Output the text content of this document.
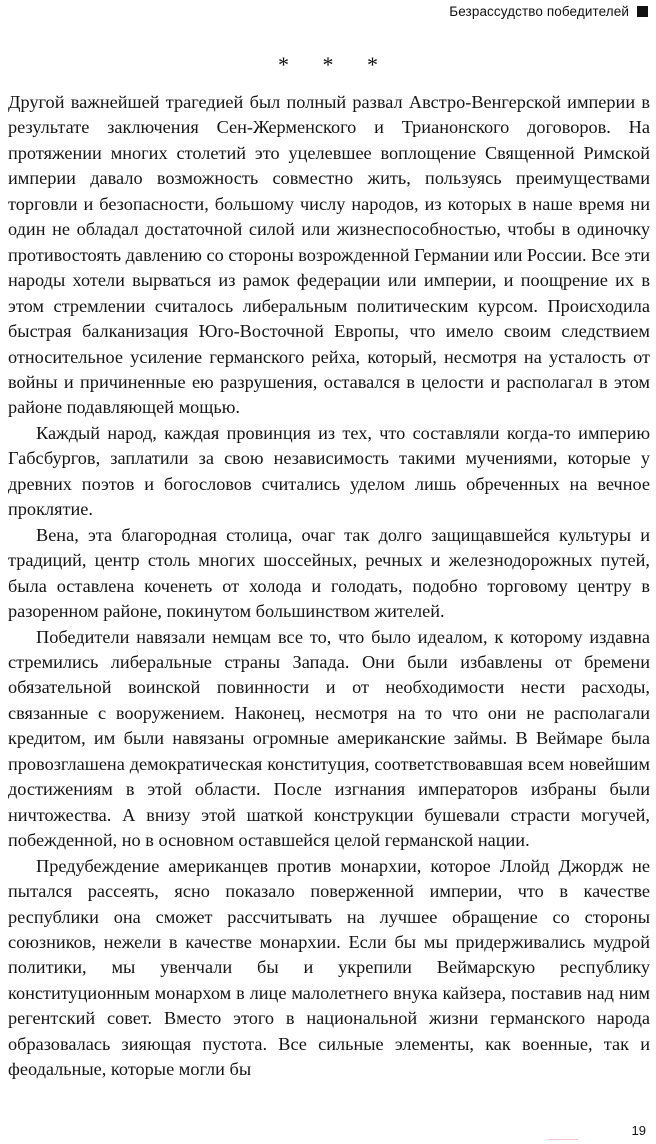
Безрассудство победителей
* * *

Другой важнейшей трагедией был полный развал Австро-Венгерской империи в результате заключения Сен-Жерменского и Трианонского договоров. На протяжении многих столетий это уцелевшее воплощение Священной Римской империи давало возможность совместно жить, пользуясь преимуществами торговли и безопасности, большому числу народов, из которых в наше время ни один не обладал достаточной силой или жизнеспособностью, чтобы в одиночку противостоять давлению со стороны возрожденной Германии или России. Все эти народы хотели вырваться из рамок федерации или империи, и поощрение их в этом стремлении считалось либеральным политическим курсом. Происходила быстрая балканизация Юго-Восточной Европы, что имело своим следствием относительное усиление германского рейха, который, несмотря на усталость от войны и причиненные ею разрушения, оставался в целости и располагал в этом районе подавляющей мощью.

Каждый народ, каждая провинция из тех, что составляли когда-то империю Габсбургов, заплатили за свою независимость такими мучениями, которые у древних поэтов и богословов считались уделом лишь обреченных на вечное проклятие.

Вена, эта благородная столица, очаг так долго защищавшейся культуры и традиций, центр столь многих шоссейных, речных и железнодорожных путей, была оставлена коченеть от холода и голодать, подобно торговому центру в разоренном районе, покинутом большинством жителей.

Победители навязали немцам все то, что было идеалом, к которому издавна стремились либеральные страны Запада. Они были избавлены от бремени обязательной воинской повинности и от необходимости нести расходы, связанные с вооружением. Наконец, несмотря на то что они не располагали кредитом, им были навязаны огромные американские займы. В Веймаре была провозглашена демократическая конституция, соответствовавшая всем новейшим достижениям в этой области. После изгнания императоров избраны были ничтожества. А внизу этой шаткой конструкции бушевали страсти могучей, побежденной, но в основном оставшейся целой германской нации.

Предубеждение американцев против монархии, которое Ллойд Джордж не пытался рассеять, ясно показало поверженной империи, что в качестве республики она сможет рассчитывать на лучшее обращение со стороны союзников, нежели в качестве монархии. Если бы мы придерживались мудрой политики, мы увенчали бы и укрепили Веймарскую республику конституционным монархом в лице малолетнего внука кайзера, поставив над ним регентский совет. Вместо этого в национальной жизни германского народа образовалась зияющая пустота. Все сильные элементы, как военные, так и феодальные, которые могли бы

19
